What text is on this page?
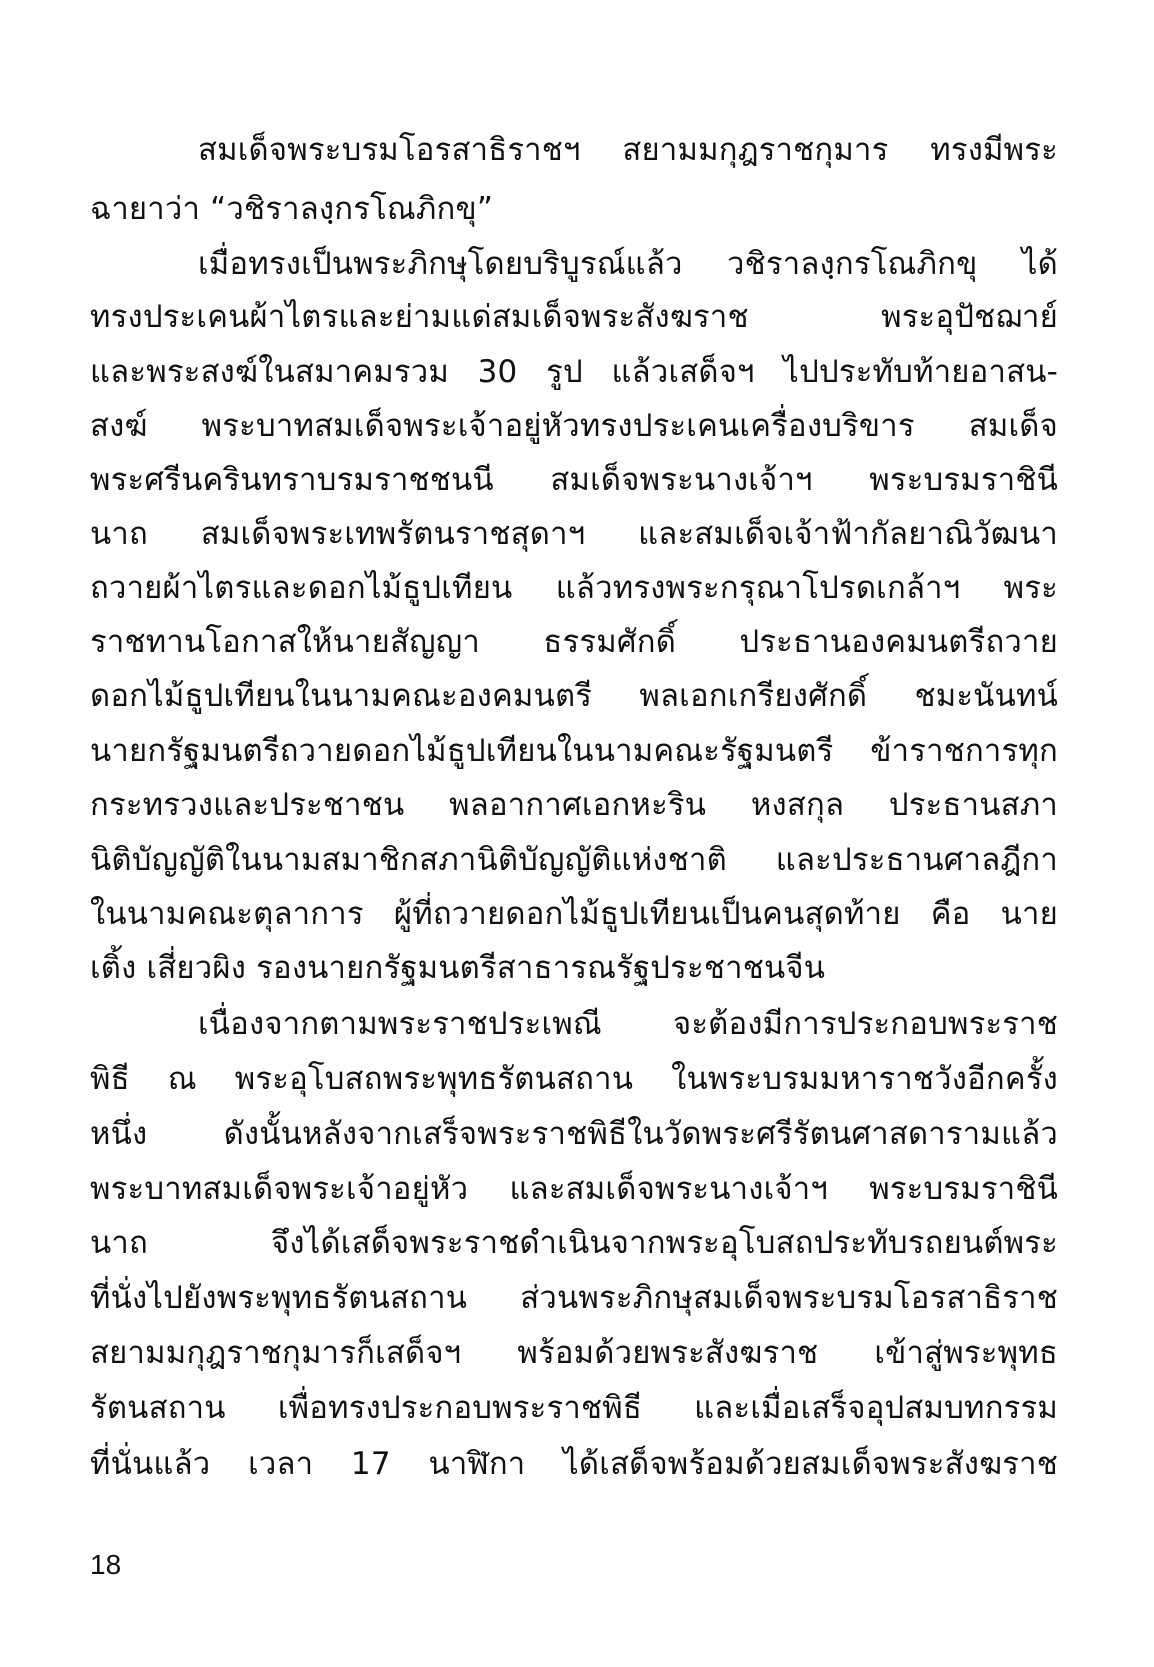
สมเด็จพระบรมโอรสาธิราชฯ สยามมกุฎราชกุมาร ทรงมีพระ
ฉายาว่า “วชิราลงฺกรโณภิกขุ”
เมื่อทรงเป็นพระภิกษุโดยบริบูรณ์แล้ว วชิราลงฺกรโณภิกขุ ได้
ทรงประเคนผ้าไตรและย่ามแด่สมเด็จพระสังฆราช พระอุปัชฌาย์
และพระสงฆ์ในสมาคมรวม 30 รูป แล้วเสด็จฯ ไปประทับท้ายอาสน-
สงฆ์ พระบาทสมเด็จพระเจ้าอยู่หัวทรงประเคนเครื่องบริขาร สมเด็จ
พระศรีนครินทราบรมราชชนนี สมเด็จพระนางเจ้าฯ พระบรมราชินี
นาถ สมเด็จพระเทพรัตนราชสุดาฯ และสมเด็จเจ้าฟ้ากัลยาณิวัฒนา
ถวายผ้าไตรและดอกไม้ธูปเทียน แล้วทรงพระกรุณาโปรดเกล้าฯ พระ
ราชทานโอกาสให้นายสัญญา ธรรมศักดิ์ ประธานองคมนตรีถวาย
ดอกไม้ธูปเทียนในนามคณะองคมนตรี พลเอกเกรียงศักดิ์ ชมะนันทน์
นายกรัฐมนตรีถวายดอกไม้ธูปเทียนในนามคณะรัฐมนตรี ข้าราชการทุก
กระทรวงและประชาชน พลอากาศเอกหะริน หงสกุล ประธานสภา
นิติบัญญัติในนามสมาชิกสภานิติบัญญัติแห่งชาติ และประธานศาลฎีกา
ในนามคณะตุลาการ ผู้ที่ถวายดอกไม้ธูปเทียนเป็นคนสุดท้าย คือ นาย
เติ้ง เสี่ยวผิง รองนายกรัฐมนตรีสาธารณรัฐประชาชนจีน
เนื่องจากตามพระราชประเพณี จะต้องมีการประกอบพระราช
พิธี ณ พระอุโบสถพระพุทธรัตนสถาน ในพระบรมมหาราชวังอีกครั้ง
หนึ่ง ดังนั้นหลังจากเสร็จพระราชพิธีในวัดพระศรีรัตนศาสดารามแล้ว
พระบาทสมเด็จพระเจ้าอยู่หัว และสมเด็จพระนางเจ้าฯ พระบรมราชินี
นาถ จึงได้เสด็จพระราชดำเนินจากพระอุโบสถประทับรถยนต์พระ
ที่นั่งไปยังพระพุทธรัตนสถาน ส่วนพระภิกษุสมเด็จพระบรมโอรสาธิราช
สยามมกุฎราชกุมารก็เสด็จฯ พร้อมด้วยพระสังฆราช เข้าสู่พระพุทธ
รัตนสถาน เพื่อทรงประกอบพระราชพิธี และเมื่อเสร็จอุปสมบทกรรม
ที่นั่นแล้ว เวลา 17 นาฬิกา ได้เสด็จพร้อมด้วยสมเด็จพระสังฆราช
18
